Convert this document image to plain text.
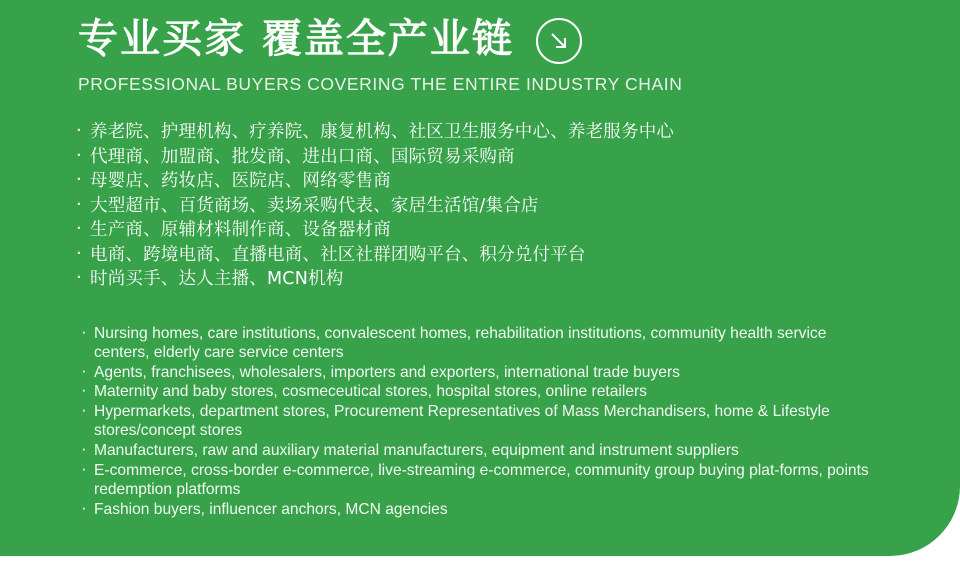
专业买家 覆盖全产业链
PROFESSIONAL BUYERS COVERING THE ENTIRE INDUSTRY CHAIN
· 养老院、护理机构、疗养院、康复机构、社区卫生服务中心、养老服务中心
· 代理商、加盟商、批发商、进出口商、国际贸易采购商
· 母婴店、药妆店、医院店、网络零售商
· 大型超市、百货商场、卖场采购代表、家居生活馆/集合店
· 生产商、原辅材料制作商、设备器材商
· 电商、跨境电商、直播电商、社区社群团购平台、积分兑付平台
· 时尚买手、达人主播、MCN机构
· Nursing homes, care institutions, convalescent homes, rehabilitation institutions, community health service centers, elderly care service centers
· Agents, franchisees, wholesalers, importers and exporters, international trade buyers
· Maternity and baby stores, cosmeceutical stores, hospital stores, online retailers
· Hypermarkets, department stores, Procurement Representatives of Mass Merchandisers, home & Lifestyle stores/concept stores
· Manufacturers, raw and auxiliary material manufacturers, equipment and instrument suppliers
· E-commerce, cross-border e-commerce, live-streaming e-commerce, community group buying plat-forms, points redemption platforms
· Fashion buyers, influencer anchors, MCN agencies
